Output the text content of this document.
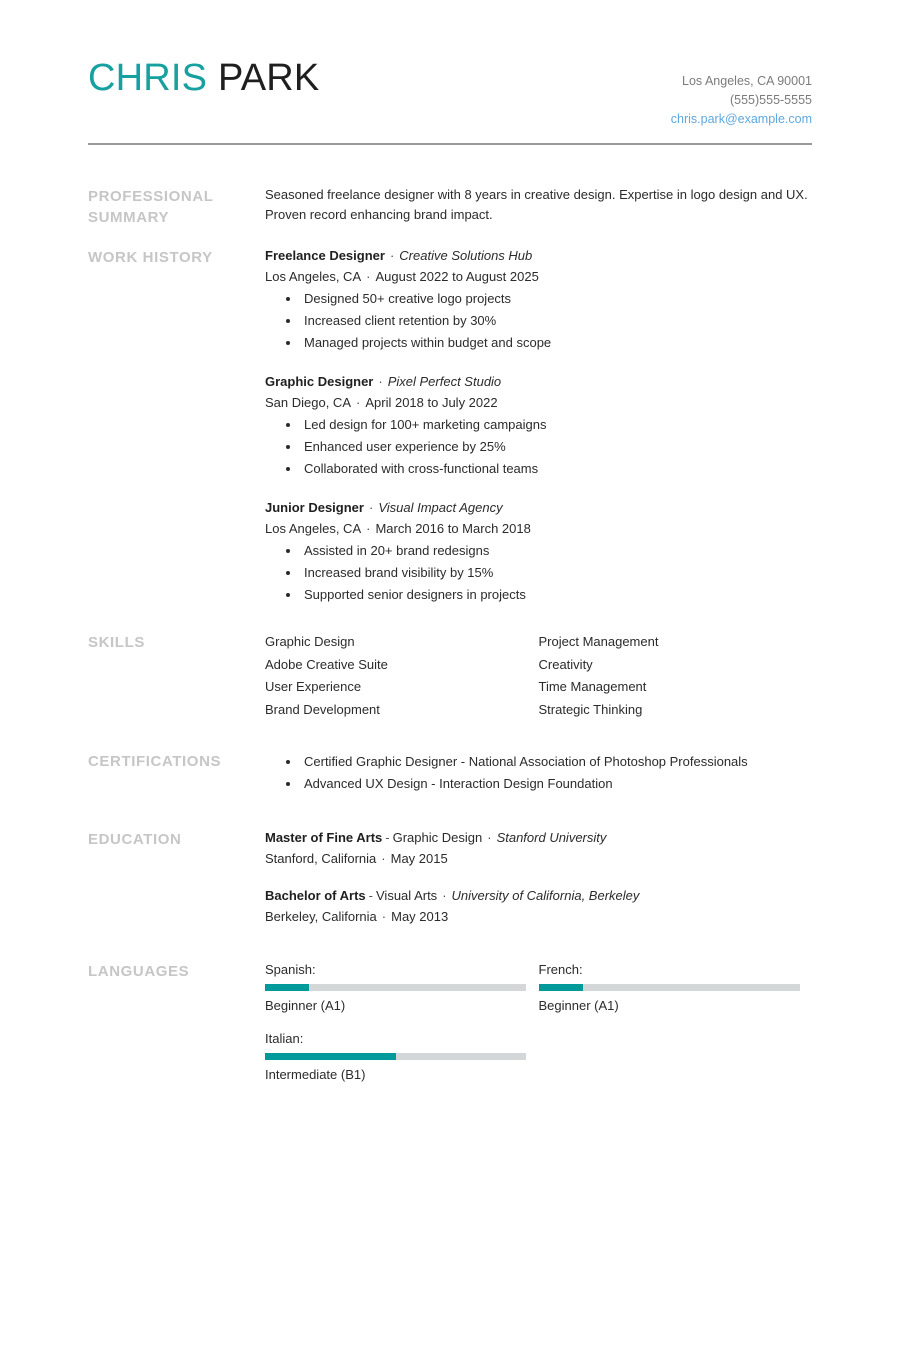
CHRIS PARK	Los Angeles, CA 90001
(555)555-5555
chris.park@example.com
PROFESSIONAL SUMMARY
Seasoned freelance designer with 8 years in creative design. Expertise in logo design and UX. Proven record enhancing brand impact.
WORK HISTORY	Freelance Designer · Creative Solutions Hub
Los Angeles, CA · August 2022 to August 2025
Designed 50+ creative logo projects
Increased client retention by 30%
Managed projects within budget and scope
Graphic Designer · Pixel Perfect Studio
San Diego, CA · April 2018 to July 2022
Led design for 100+ marketing campaigns
Enhanced user experience by 25%
Collaborated with cross-functional teams
Junior Designer · Visual Impact Agency
Los Angeles, CA · March 2016 to March 2018
Assisted in 20+ brand redesigns
Increased brand visibility by 15%
Supported senior designers in projects
SKILLS	Graphic Design
Adobe Creative Suite
User Experience
Brand Development
Project Management
Creativity
Time Management
Strategic Thinking
CERTIFICATIONS	Certified Graphic Designer - National Association of Photoshop Professionals
Advanced UX Design - Interaction Design Foundation
EDUCATION	Master of Fine Arts - Graphic Design · Stanford University
Stanford, California · May 2015
Bachelor of Arts - Visual Arts · University of California, Berkeley
Berkeley, California · May 2013
LANGUAGES	Spanish:
Beginner (A1)
French:
Beginner (A1)
Italian:
Intermediate (B1)
